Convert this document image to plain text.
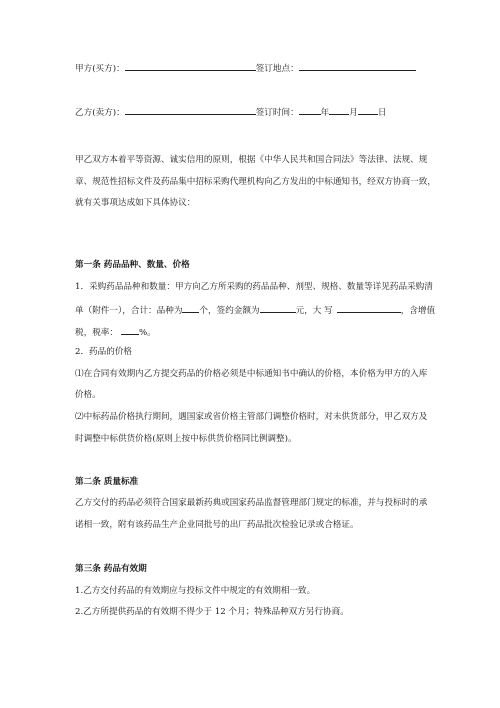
甲方(买方)：	签订地点：
乙方(卖方)：	签订时间：	年 月 日
甲乙双方本着平等资源、诚实信用的原则，根据《中华人民共和国合同法》等法律、法规、规
章、规范性招标文件及药品集中招标采购代理机构向乙方发出的中标通知书，经双方协商一致，
就有关事项达成如下具体协议：
第一条 药品品种、数量、价格
1．采购药品品种和数量：甲方向乙方所采购的药品品种、剂型、规格、数量等详见药品采购清
单（附件一），合计：品种为 个，签约金额为	元，大 写	，含增值
税，税率： %。
2．药品的价格
⑴在合同有效期内乙方提交药品的价格必须是中标通知书中确认的价格，本价格为甲方的入库
价格。
⑵中标药品价格执行期间，遇国家或省价格主管部门调整价格时，对未供货部分，甲乙双方及
时调整中标供货价格(原则上按中标供货价格同比例调整)。
第二条 质量标准
乙方交付的药品必须符合国家最新药典或国家药品监督管理部门规定的标准，并与投标时的承
诺相一致，附有该药品生产企业同批号的出厂药品批次检验记录或合格证。
第三条 药品有效期
1.乙方交付药品的有效期应与投标文件中规定的有效期相一致。
2.乙方所提供药品的有效期不得少于 12 个月；特殊品种双方另行协商。
